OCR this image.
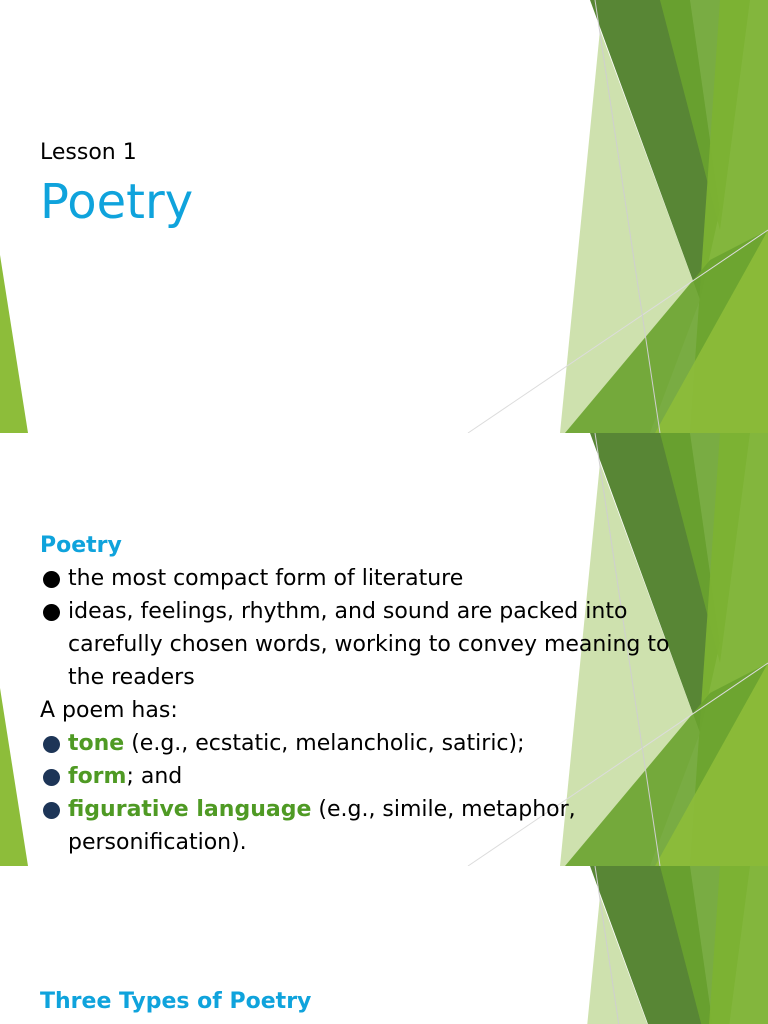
Lesson 1
Poetry
Poetry
the most compact form of literature
ideas, feelings, rhythm, and sound are packed into carefully chosen words, working to convey meaning to the readers
A poem has:
tone (e.g., ecstatic, melancholic, satiric);
form; and
figurative language (e.g., simile, metaphor, personification).
Three Types of Poetry
